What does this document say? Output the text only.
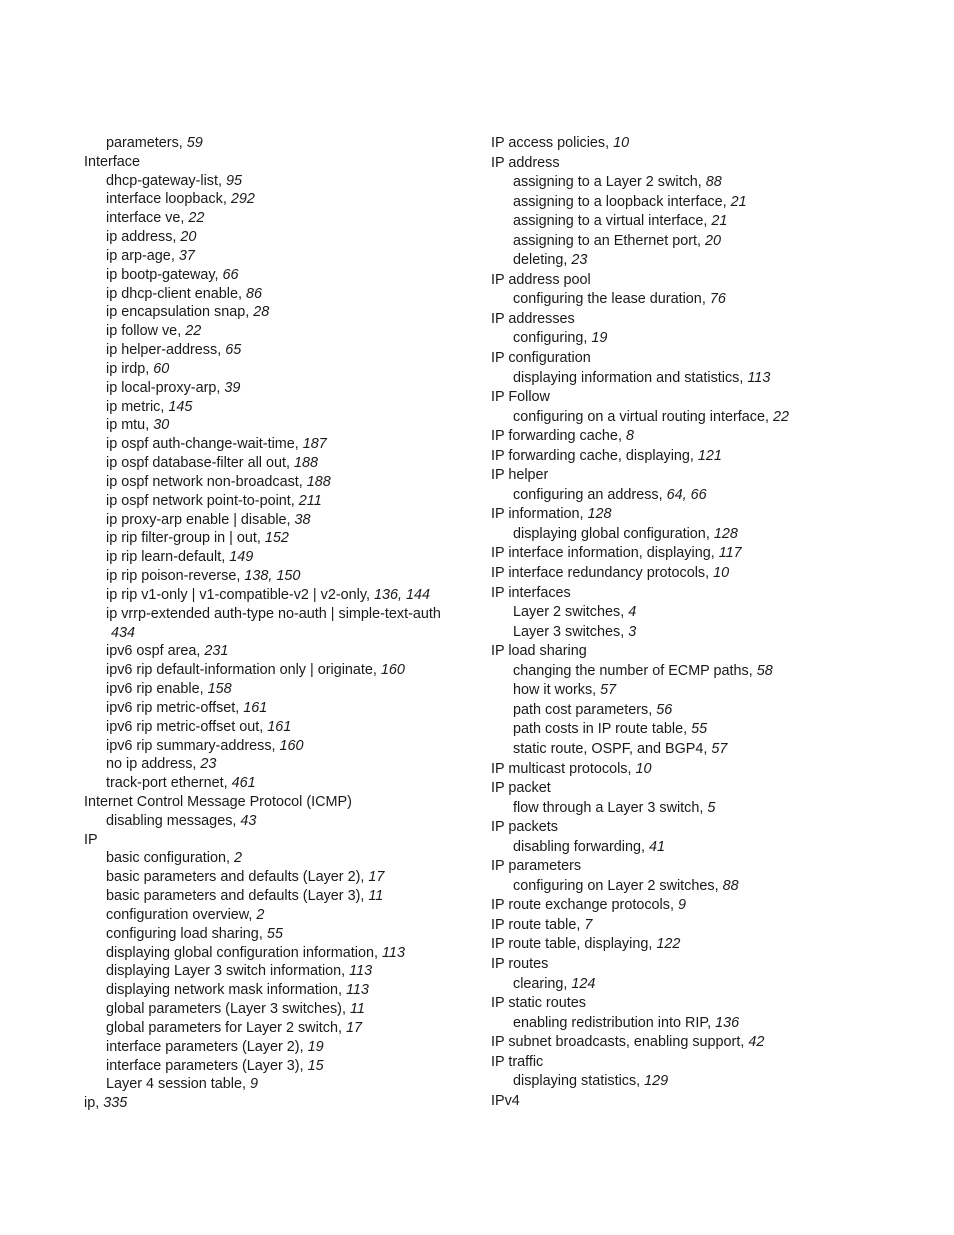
parameters, 59
Interface
dhcp-gateway-list, 95
interface loopback, 292
interface ve, 22
ip address, 20
ip arp-age, 37
ip bootp-gateway, 66
ip dhcp-client enable, 86
ip encapsulation snap, 28
ip follow ve, 22
ip helper-address, 65
ip irdp, 60
ip local-proxy-arp, 39
ip metric, 145
ip mtu, 30
ip ospf auth-change-wait-time, 187
ip ospf database-filter all out, 188
ip ospf network non-broadcast, 188
ip ospf network point-to-point, 211
ip proxy-arp enable | disable, 38
ip rip filter-group in | out, 152
ip rip learn-default, 149
ip rip poison-reverse, 138, 150
ip rip v1-only | v1-compatible-v2 | v2-only, 136, 144
ip vrrp-extended auth-type no-auth | simple-text-auth
434
ipv6 ospf area, 231
ipv6 rip default-information only | originate, 160
ipv6 rip enable, 158
ipv6 rip metric-offset, 161
ipv6 rip metric-offset out, 161
ipv6 rip summary-address, 160
no ip address, 23
track-port ethernet, 461
Internet Control Message Protocol (ICMP)
disabling messages, 43
IP
basic configuration, 2
basic parameters and defaults (Layer 2), 17
basic parameters and defaults (Layer 3), 11
configuration overview, 2
configuring load sharing, 55
displaying global configuration information, 113
displaying Layer 3 switch information, 113
displaying network mask information, 113
global parameters (Layer 3 switches), 11
global parameters for Layer 2 switch, 17
interface parameters (Layer 2), 19
interface parameters (Layer 3), 15
Layer 4 session table, 9
ip, 335
IP access policies, 10
IP address
assigning to a Layer 2 switch, 88
assigning to a loopback interface, 21
assigning to a virtual interface, 21
assigning to an Ethernet port, 20
deleting, 23
IP address pool
configuring the lease duration, 76
IP addresses
configuring, 19
IP configuration
displaying information and statistics, 113
IP Follow
configuring on a virtual routing interface, 22
IP forwarding cache, 8
IP forwarding cache, displaying, 121
IP helper
configuring an address, 64, 66
IP information, 128
displaying global configuration, 128
IP interface information, displaying, 117
IP interface redundancy protocols, 10
IP interfaces
Layer 2 switches, 4
Layer 3 switches, 3
IP load sharing
changing the number of ECMP paths, 58
how it works, 57
path cost parameters, 56
path costs in IP route table, 55
static route, OSPF, and BGP4, 57
IP multicast protocols, 10
IP packet
flow through a Layer 3 switch, 5
IP packets
disabling forwarding, 41
IP parameters
configuring on Layer 2 switches, 88
IP route exchange protocols, 9
IP route table, 7
IP route table, displaying, 122
IP routes
clearing, 124
IP static routes
enabling redistribution into RIP, 136
IP subnet broadcasts, enabling support, 42
IP traffic
displaying statistics, 129
IPv4
